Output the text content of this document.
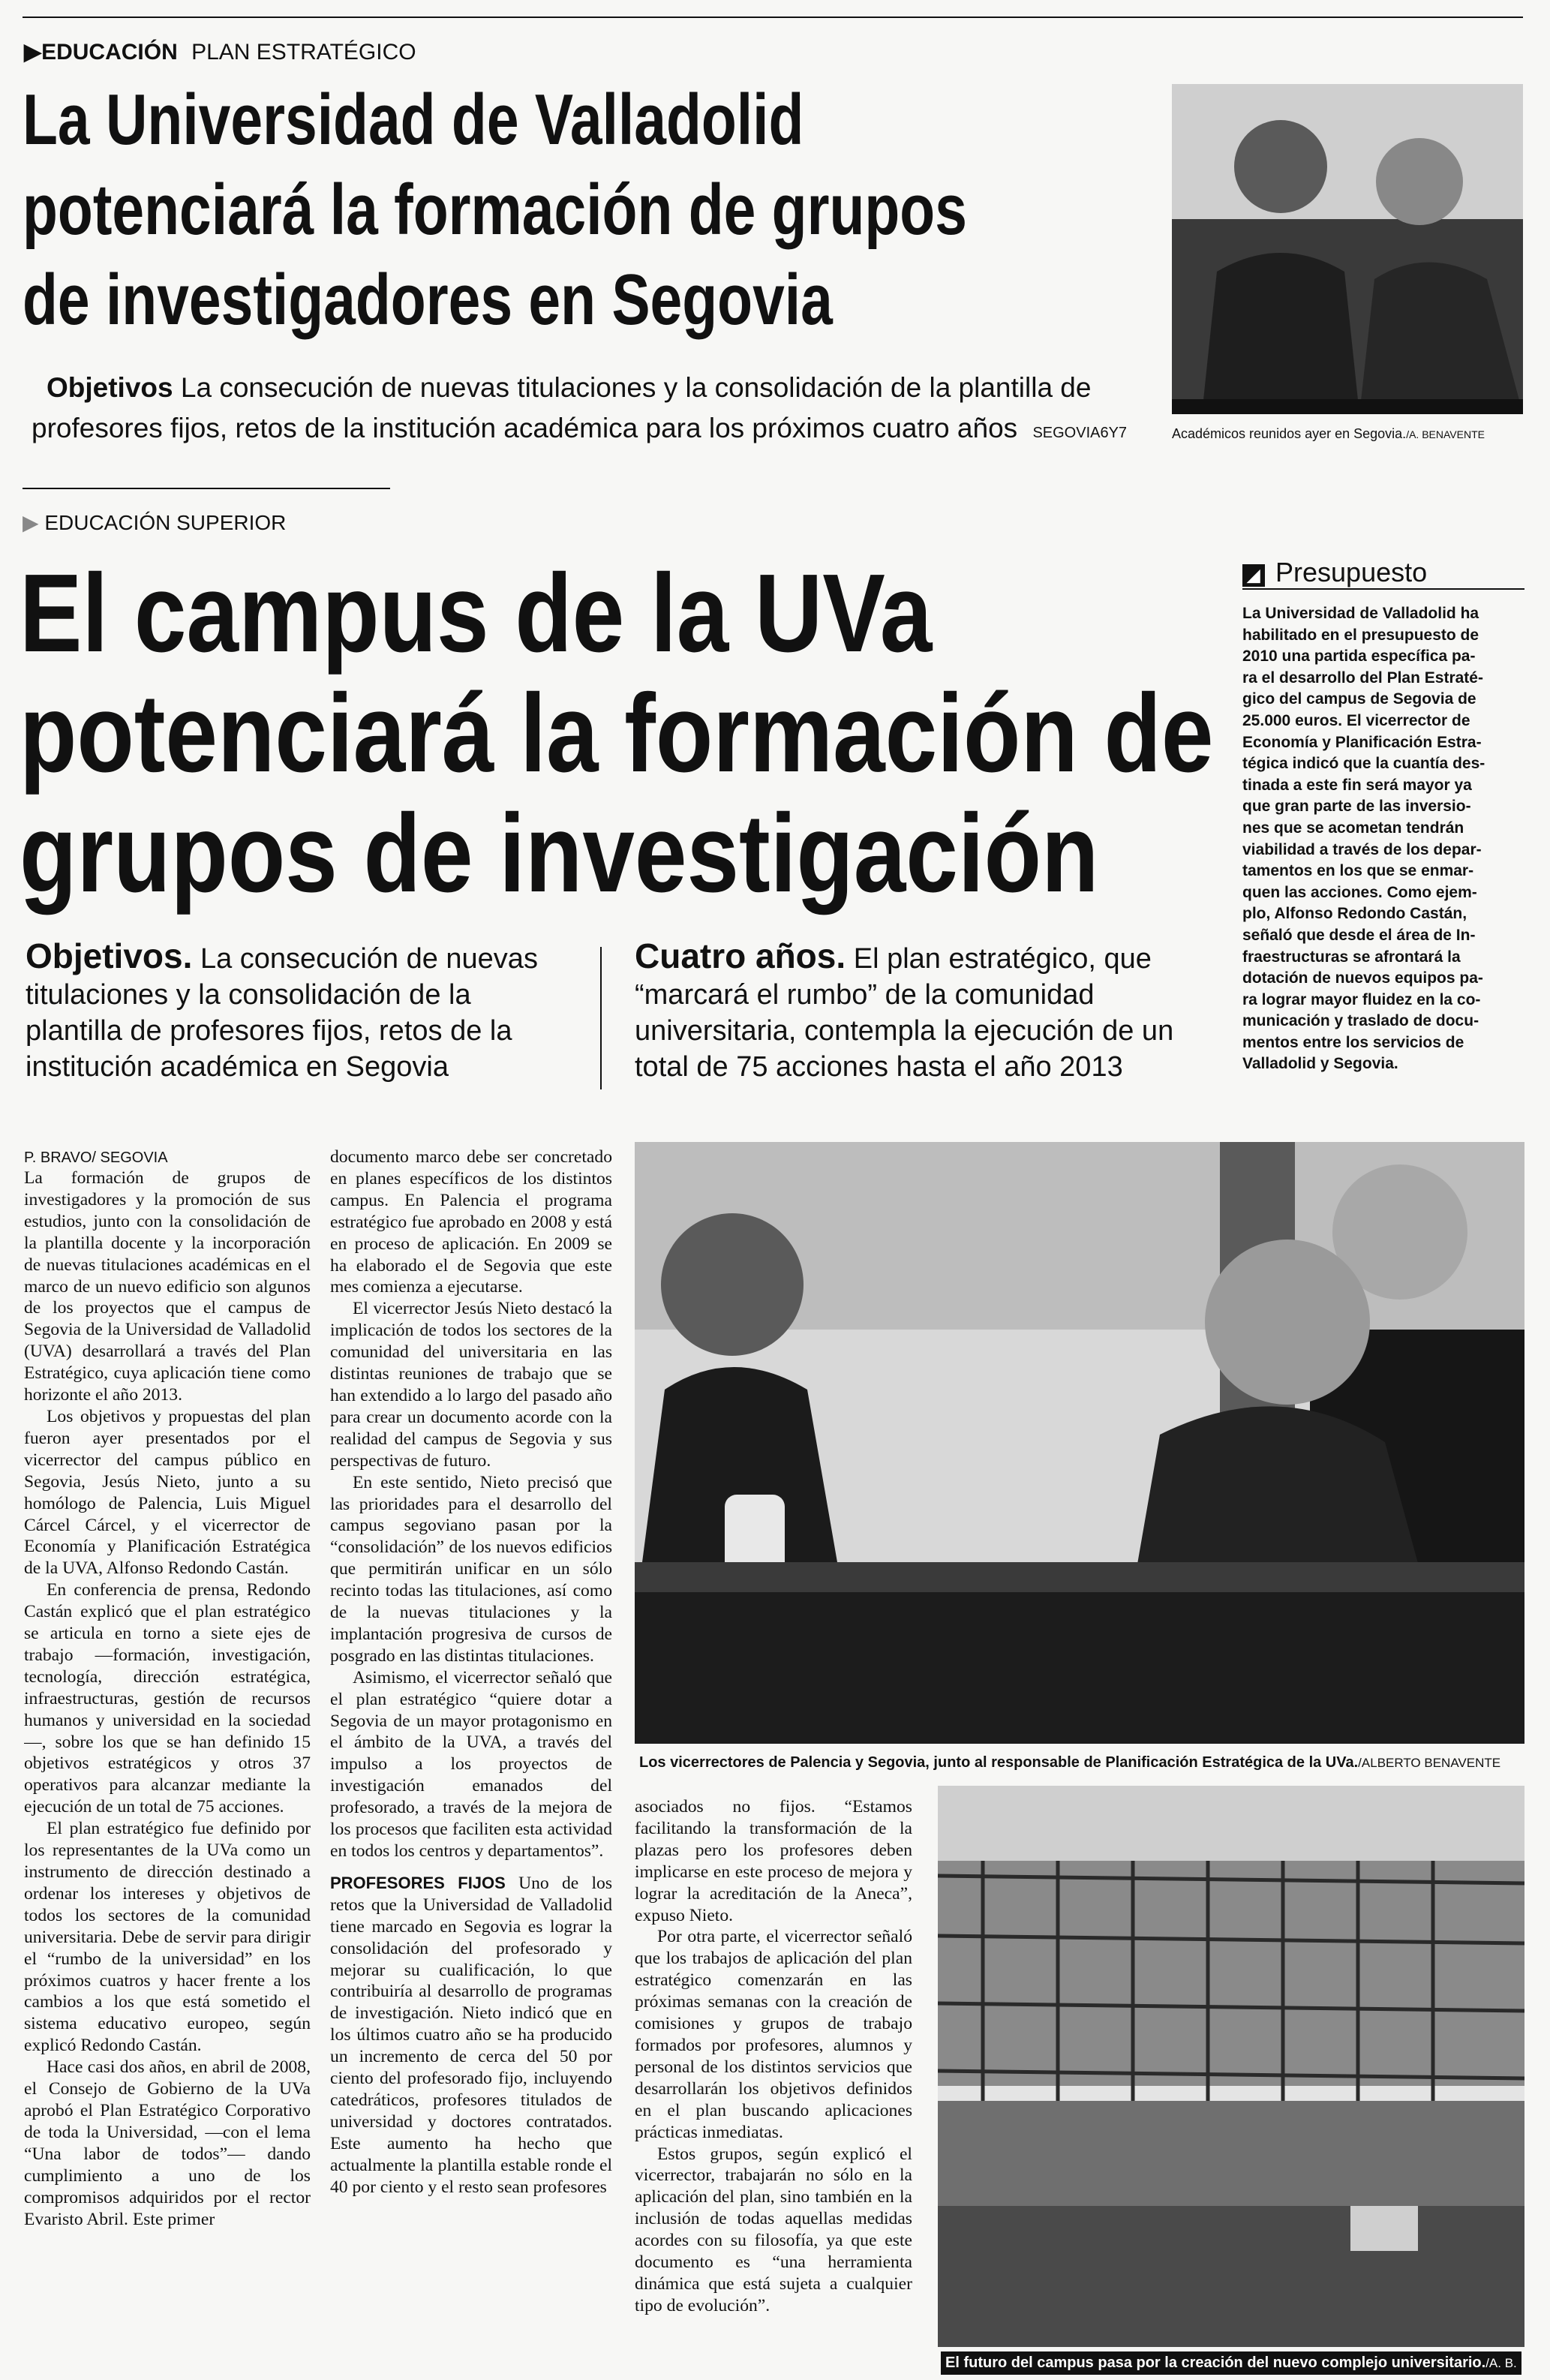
▶EDUCACIÓN PLAN ESTRATÉGICO
La Universidad de Valladolid
potenciará la formación de grupos
de investigadores en Segovia
Objetivos La consecución de nuevas titulaciones y la consolidación de la plantilla de
profesores fijos, retos de la institución académica para los próximos cuatro años SEGOVIA6Y7	Académicos reunidos ayer en Segovia./A. BENAVENTE
▶ EDUCACIÓN SUPERIOR
El campus de la UVa
potenciará la formación de
grupos de investigación
Objetivos. La consecución de nuevas
titulaciones y la consolidación de la
plantilla de profesores fijos, retos de la
institución académica en Segovia
Cuatro años. El plan estratégico, que
“marcará el rumbo” de la comunidad
universitaria, contempla la ejecución de un
total de 75 acciones hasta el año 2013
◢ Presupuesto
La Universidad de Valladolid ha
habilitado en el presupuesto de
2010 una partida específica pa-
ra el desarrollo del Plan Estraté-
gico del campus de Segovia de
25.000 euros. El vicerrector de
Economía y Planificación Estra-
tégica indicó que la cuantía des-
tinada a este fin será mayor ya
que gran parte de las inversio-
nes que se acometan tendrán
viabilidad a través de los depar-
tamentos en los que se enmar-
quen las acciones. Como ejem-
plo, Alfonso Redondo Castán,
señaló que desde el área de In-
fraestructuras se afrontará la
dotación de nuevos equipos pa-
ra lograr mayor fluidez en la co-
municación y traslado de docu-
mentos entre los servicios de
Valladolid y Segovia.
P. BRAVO/ SEGOVIA

La formación de grupos de investigadores y la promoción de sus estudios, junto con la consolidación de la plantilla docente y la incorporación de nuevas titulaciones académicas en el marco de un nuevo edificio son algunos de los proyectos que el campus de Segovia de la Universidad de Valladolid (UVA) desarrollará a través del Plan Estratégico, cuya aplicación tiene como horizonte el año 2013.

Los objetivos y propuestas del plan fueron ayer presentados por el vicerrector del campus público en Segovia, Jesús Nieto, junto a su homólogo de Palencia, Luis Miguel Cárcel Cárcel, y el vicerrector de Economía y Planificación Estratégica de la UVA, Alfonso Redondo Castán.

En conferencia de prensa, Redondo Castán explicó que el plan estratégico se articula en torno a siete ejes de trabajo —formación, investigación, tecnología, dirección estratégica, infraestructuras, gestión de recursos humanos y universidad en la sociedad—, sobre los que se han definido 15 objetivos estratégicos y otros 37 operativos para alcanzar mediante la ejecución de un total de 75 acciones.

El plan estratégico fue definido por los representantes de la UVa como un instrumento de dirección destinado a ordenar los intereses y objetivos de todos los sectores de la comunidad universitaria. Debe de servir para dirigir el “rumbo de la universidad” en los próximos cuatros y hacer frente a los cambios a los que está sometido el sistema educativo europeo, según explicó Redondo Castán.

Hace casi dos años, en abril de 2008, el Consejo de Gobierno de la UVa aprobó el Plan Estratégico Corporativo de toda la Universidad, —con el lema “Una labor de todos”— dando cumplimiento a uno de los compromisos adquiridos por el rector Evaristo Abril. Este primer

documento marco debe ser concretado en planes específicos de los distintos campus. En Palencia el programa estratégico fue aprobado en 2008 y está en proceso de aplicación. En 2009 se ha elaborado el de Segovia que este mes comienza a ejecutarse.

El vicerrector Jesús Nieto destacó la implicación de todos los sectores de la comunidad del universitaria en las distintas reuniones de trabajo que se han extendido a lo largo del pasado año para crear un documento acorde con la realidad del campus de Segovia y sus perspectivas de futuro.

En este sentido, Nieto precisó que las prioridades para el desarrollo del campus segoviano pasan por la “consolidación” de los nuevos edificios que permitirán unificar en un sólo recinto todas las titulaciones, así como de la nuevas titulaciones y la implantación progresiva de cursos de posgrado en las distintas titulaciones.

Asimismo, el vicerrector señaló que el plan estratégico “quiere dotar a Segovia de un mayor protagonismo en el ámbito de la UVA, a través del impulso a los proyectos de investigación emanados del profesorado, a través de la mejora de los procesos que faciliten esta actividad en todos los centros y departamentos”.

PROFESORES FIJOS Uno de los retos que la Universidad de Valladolid tiene marcado en Segovia es lograr la consolidación del profesorado y mejorar su cualificación, lo que contribuiría al desarrollo de programas de investigación. Nieto indicó que en los últimos cuatro año se ha producido un incremento de cerca del 50 por ciento del profesorado fijo, incluyendo catedráticos, profesores titulados de universidad y doctores contratados. Este aumento ha hecho que actualmente la plantilla estable ronde el 40 por ciento y el resto sean profesores

Los vicerrectores de Palencia y Segovia, junto al responsable de Planificación Estratégica de la UVa./ALBERTO BENAVENTE

asociados no fijos. “Estamos facilitando la transformación de la plazas pero los profesores deben implicarse en este proceso de mejora y lograr la acreditación de la Aneca”, expuso Nieto.

Por otra parte, el vicerrector señaló que los trabajos de aplicación del plan estratégico comenzarán en las próximas semanas con la creación de comisiones y grupos de trabajo formados por profesores, alumnos y personal de los distintos servicios que desarrollarán los objetivos definidos en el plan buscando aplicaciones prácticas inmediatas.

Estos grupos, según explicó el vicerrector, trabajarán no sólo en la aplicación del plan, sino también en la inclusión de todas aquellas medidas acordes con su filosofía, ya que este documento es “una herramienta dinámica que está sujeta a cualquier tipo de evolución”.

El futuro del campus pasa por la creación del nuevo complejo universitario./A. B.
